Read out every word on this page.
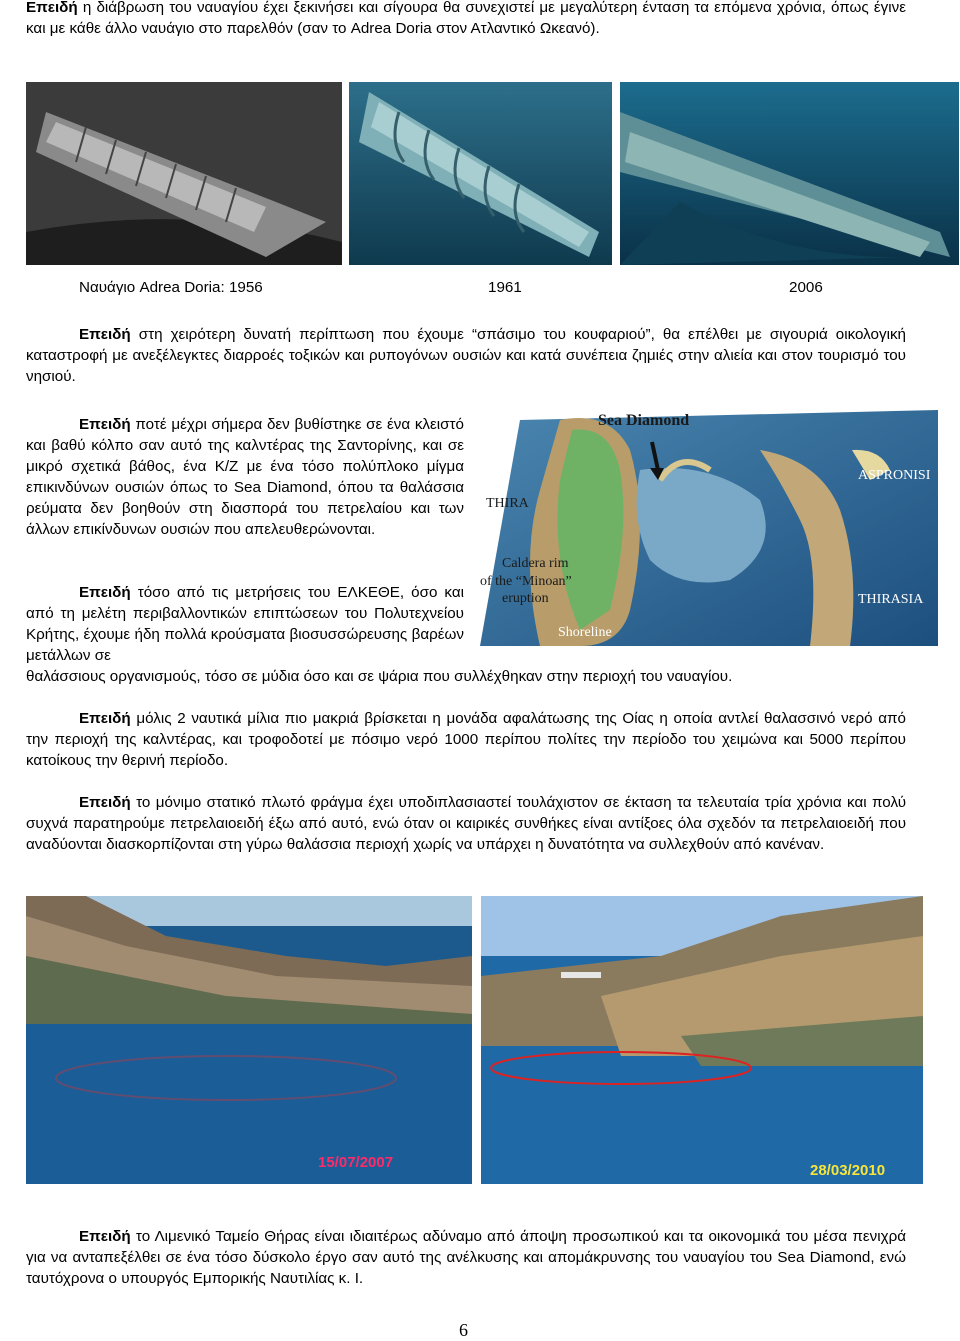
Επειδή η διάβρωση του ναυαγίου έχει ξεκινήσει και σίγουρα θα συνεχιστεί με μεγαλύτερη ένταση τα επόμενα χρόνια, όπως έγινε και με κάθε άλλο ναυάγιο στο παρελθόν (σαν το Adrea Doria στον Ατλαντικό Ωκεανό).

Ναυάγιο Adrea Doria: 1956	1961	2006

Επειδή στη χειρότερη δυνατή περίπτωση που έχουμε “σπάσιμο του κουφαριού”, θα επέλθει με σιγουριά οικολογική καταστροφή με ανεξέλεγκτες διαρροές τοξικών και ρυπογόνων ουσιών και κατά συνέπεια ζημιές στην αλιεία και στον τουρισμό του νησιού.

Επειδή ποτέ μέχρι σήμερα δεν βυθίστηκε σε ένα κλειστό και βαθύ κόλπο σαν αυτό της καλντέρας της Σαντορίνης, και σε μικρό σχετικά βάθος, ένα Κ/Ζ με ένα τόσο πολύπλοκο μίγμα επικινδύνων ουσιών όπως το Sea Diamond, όπου τα θαλάσσια ρεύματα δεν βοηθούν στη διασπορά του πετρελαίου και των άλλων επικίνδυνων ουσιών που απελευθερώνονται.

Sea Diamond
ASPRONISI
THIRA
Caldera rim
of the “Minoan”
eruption	THIRASIA
Shoreline

Επειδή τόσο από τις μετρήσεις του ΕΛΚΕΘΕ, όσο και από τη μελέτη περιβαλλοντικών επιπτώσεων του Πολυτεχνείου Κρήτης, έχουμε ήδη πολλά κρούσματα βιοσυσσώρευσης βαρέων μετάλλων σε

θαλάσσιους οργανισμούς, τόσο σε μύδια όσο και σε ψάρια που συλλέχθηκαν στην περιοχή του ναυαγίου.

Επειδή μόλις 2 ναυτικά μίλια πιο μακριά βρίσκεται η μονάδα αφαλάτωσης της Οίας η οποία αντλεί θαλασσινό νερό από την περιοχή της καλντέρας, και τροφοδοτεί με πόσιμο νερό 1000 περίπου πολίτες την περίοδο του χειμώνα και 5000 περίπου κατοίκους την θερινή περίοδο.

Επειδή το μόνιμο στατικό πλωτό φράγμα έχει υποδιπλασιαστεί τουλάχιστον σε έκταση τα τελευταία τρία χρόνια και πολύ συχνά παρατηρούμε πετρελαιοειδή έξω από αυτό, ενώ όταν οι καιρικές συνθήκες είναι αντίξοες όλα σχεδόν τα πετρελαιοειδή που αναδύονται διασκορπίζονται στη γύρω θαλάσσια περιοχή χωρίς να υπάρχει η δυνατότητα να συλλεχθούν από κανέναν.

15/07/2007	28/03/2010

Επειδή το Λιμενικό Ταμείο Θήρας είναι ιδιαιτέρως αδύναμο από άποψη προσωπικού και τα οικονομικά του μέσα πενιχρά για να ανταπεξέλθει σε ένα τόσο δύσκολο έργο σαν αυτό της ανέλκυσης και απομάκρυνσης του ναυαγίου του Sea Diamond, ενώ ταυτόχρονα ο υπουργός Εμπορικής Ναυτιλίας κ. Ι.

6
